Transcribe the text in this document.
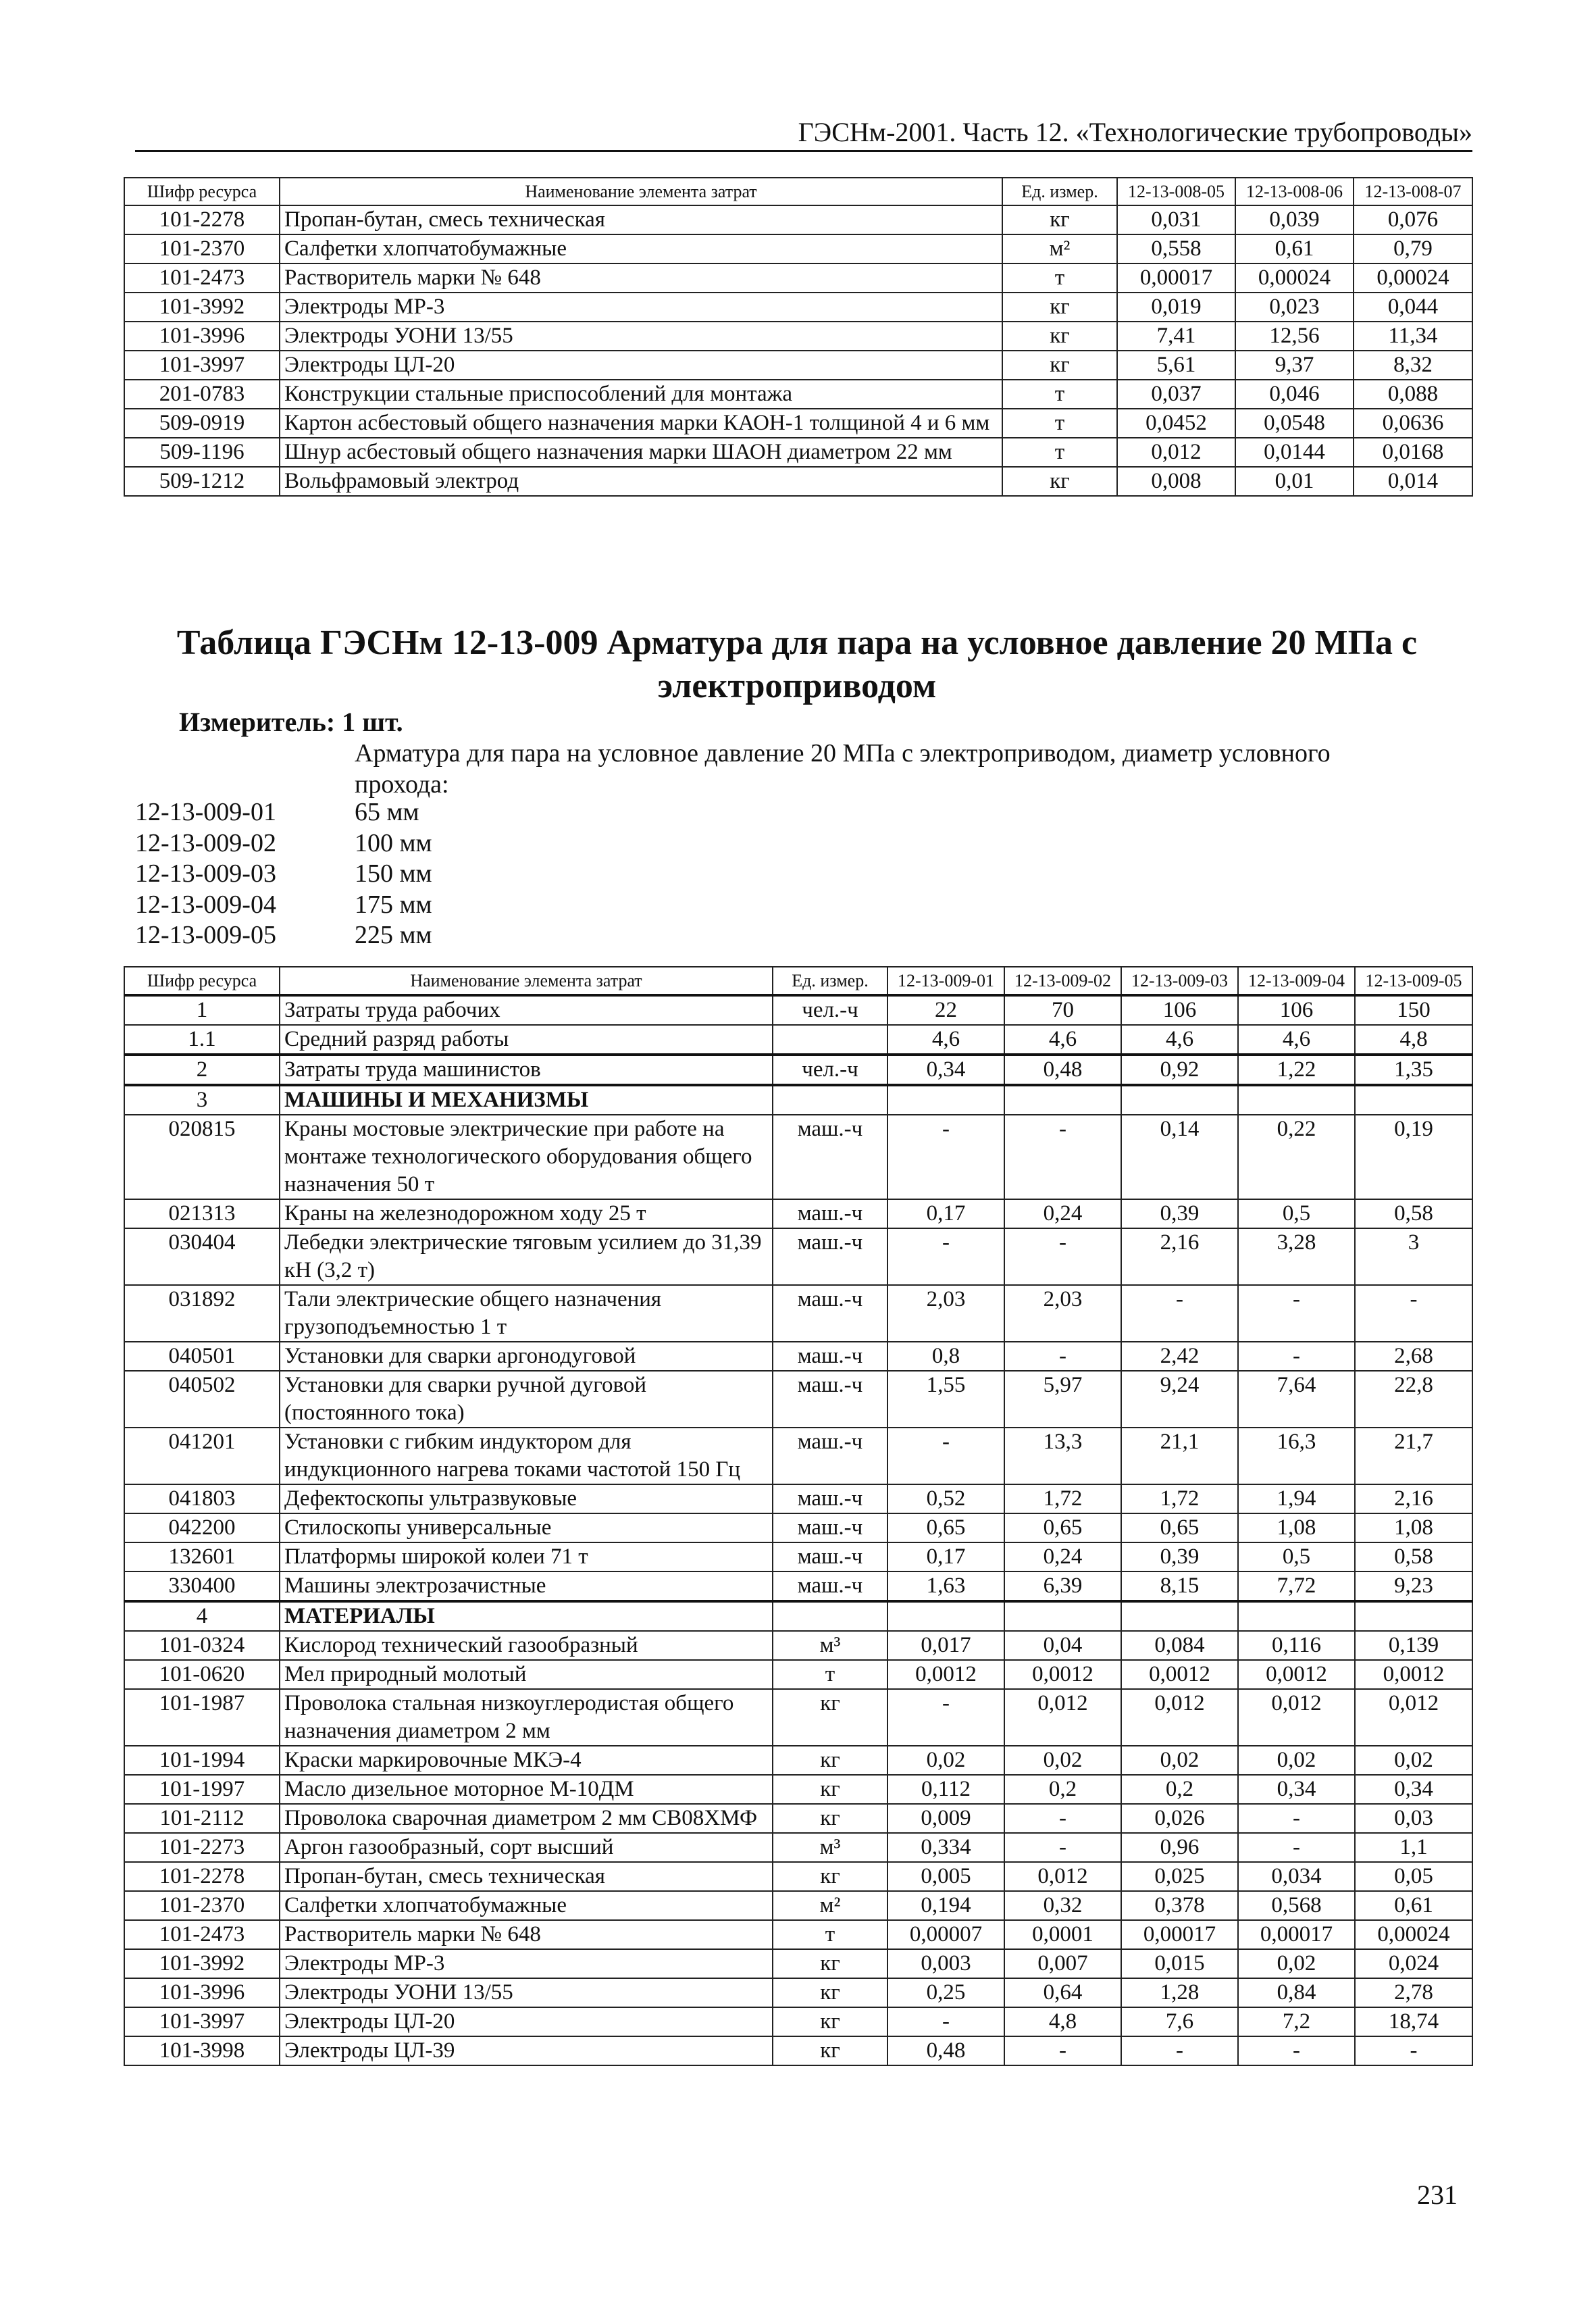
ГЭСНм-2001. Часть 12. «Технологические трубопроводы»
Шифр ресурса	Наименование элемента затрат	Ед. измер.	12-13-008-05	12-13-008-06	12-13-008-07
101-2278	Пропан-бутан, смесь техническая	кг	0,031	0,039	0,076
101-2370	Салфетки хлопчатобумажные	м²	0,558	0,61	0,79
101-2473	Растворитель марки № 648	т	0,00017	0,00024	0,00024
101-3992	Электроды МР-3	кг	0,019	0,023	0,044
101-3996	Электроды УОНИ 13/55	кг	7,41	12,56	11,34
101-3997	Электроды ЦЛ-20	кг	5,61	9,37	8,32
201-0783	Конструкции стальные приспособлений для монтажа	т	0,037	0,046	0,088
509-0919	Картон асбестовый общего назначения марки КАОН-1 толщиной 4 и 6 мм	т	0,0452	0,0548	0,0636
509-1196	Шнур асбестовый общего назначения марки ШАОН диаметром 22 мм	т	0,012	0,0144	0,0168
509-1212	Вольфрамовый электрод	кг	0,008	0,01	0,014
Таблица ГЭСНм 12-13-009 Арматура для пара на условное давление 20 МПа с электроприводом
Измеритель: 1 шт.
Арматура для пара на условное давление 20 МПа с электроприводом, диаметр условного прохода:
12-13-009-01	65 мм
12-13-009-02	100 мм
12-13-009-03	150 мм
12-13-009-04	175 мм
12-13-009-05	225 мм
Шифр ресурса	Наименование элемента затрат	Ед. измер.	12-13-009-01	12-13-009-02	12-13-009-03	12-13-009-04	12-13-009-05
1	Затраты труда рабочих	чел.-ч	22	70	106	106	150
1.1	Средний разряд работы		4,6	4,6	4,6	4,6	4,8
2	Затраты труда машинистов	чел.-ч	0,34	0,48	0,92	1,22	1,35
3	МАШИНЫ И МЕХАНИЗМЫ						
020815	Краны мостовые электрические при работе на монтаже технологического оборудования общего назначения 50 т	маш.-ч	-	-	0,14	0,22	0,19
021313	Краны на железнодорожном ходу 25 т	маш.-ч	0,17	0,24	0,39	0,5	0,58
030404	Лебедки электрические тяговым усилием до 31,39 кН (3,2 т)	маш.-ч	-	-	2,16	3,28	3
031892	Тали электрические общего назначения грузоподъемностью 1 т	маш.-ч	2,03	2,03	-	-	-
040501	Установки для сварки аргонодуговой	маш.-ч	0,8	-	2,42	-	2,68
040502	Установки для сварки ручной дуговой (постоянного тока)	маш.-ч	1,55	5,97	9,24	7,64	22,8
041201	Установки с гибким индуктором для индукционного нагрева токами частотой 150 Гц	маш.-ч	-	13,3	21,1	16,3	21,7
041803	Дефектоскопы ультразвуковые	маш.-ч	0,52	1,72	1,72	1,94	2,16
042200	Стилоскопы универсальные	маш.-ч	0,65	0,65	0,65	1,08	1,08
132601	Платформы широкой колеи 71 т	маш.-ч	0,17	0,24	0,39	0,5	0,58
330400	Машины электрозачистные	маш.-ч	1,63	6,39	8,15	7,72	9,23
4	МАТЕРИАЛЫ						
101-0324	Кислород технический газообразный	м³	0,017	0,04	0,084	0,116	0,139
101-0620	Мел природный молотый	т	0,0012	0,0012	0,0012	0,0012	0,0012
101-1987	Проволока стальная низкоуглеродистая общего назначения диаметром 2 мм	кг	-	0,012	0,012	0,012	0,012
101-1994	Краски маркировочные МКЭ-4	кг	0,02	0,02	0,02	0,02	0,02
101-1997	Масло дизельное моторное М-10ДМ	кг	0,112	0,2	0,2	0,34	0,34
101-2112	Проволока сварочная диаметром 2 мм СВ08ХМФ	кг	0,009	-	0,026	-	0,03
101-2273	Аргон газообразный, сорт высший	м³	0,334	-	0,96	-	1,1
101-2278	Пропан-бутан, смесь техническая	кг	0,005	0,012	0,025	0,034	0,05
101-2370	Салфетки хлопчатобумажные	м²	0,194	0,32	0,378	0,568	0,61
101-2473	Растворитель марки № 648	т	0,00007	0,0001	0,00017	0,00017	0,00024
101-3992	Электроды МР-3	кг	0,003	0,007	0,015	0,02	0,024
101-3996	Электроды УОНИ 13/55	кг	0,25	0,64	1,28	0,84	2,78
101-3997	Электроды ЦЛ-20	кг	-	4,8	7,6	7,2	18,74
101-3998	Электроды ЦЛ-39	кг	0,48	-	-	-	-
231
